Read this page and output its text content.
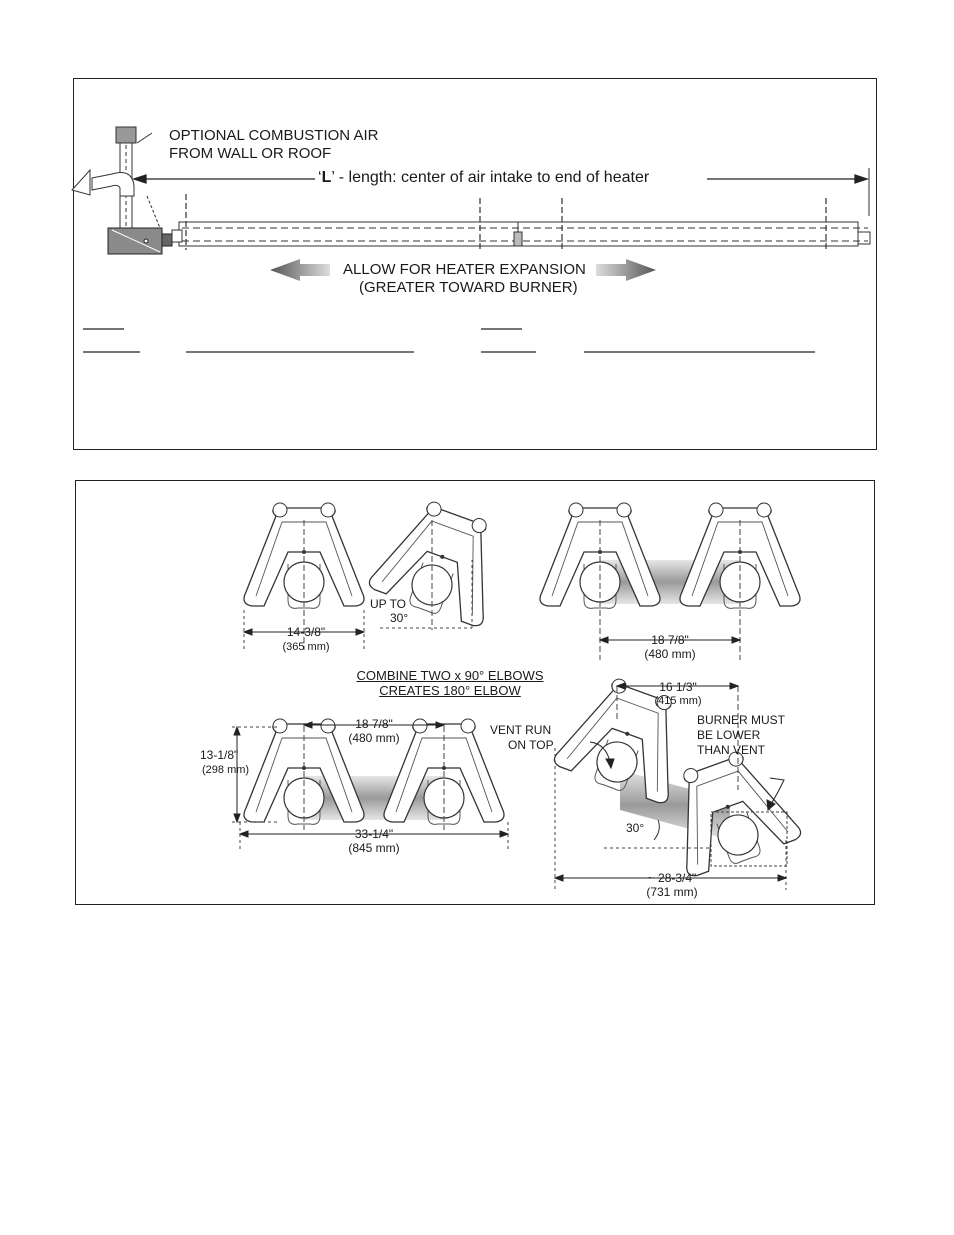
OPTIONAL COMBUSTION AIR
FROM WALL OR ROOF
‘L’ - length: center of air intake to end of heater
ALLOW FOR HEATER EXPANSION
(GREATER TOWARD BURNER)
14-3/8"
(365 mm)
UP TO
30°
18 7/8"
(480 mm)
COMBINE TWO x 90° ELBOWS
CREATES 180° ELBOW
18 7/8"
(480 mm)
13-1/8"
(298 mm)
33-1/4"
(845 mm)
16 1/3"
(415 mm)
VENT RUN
ON TOP
BURNER MUST
BE LOWER
THAN VENT
30°
~ 28-3/4"
(731 mm)
